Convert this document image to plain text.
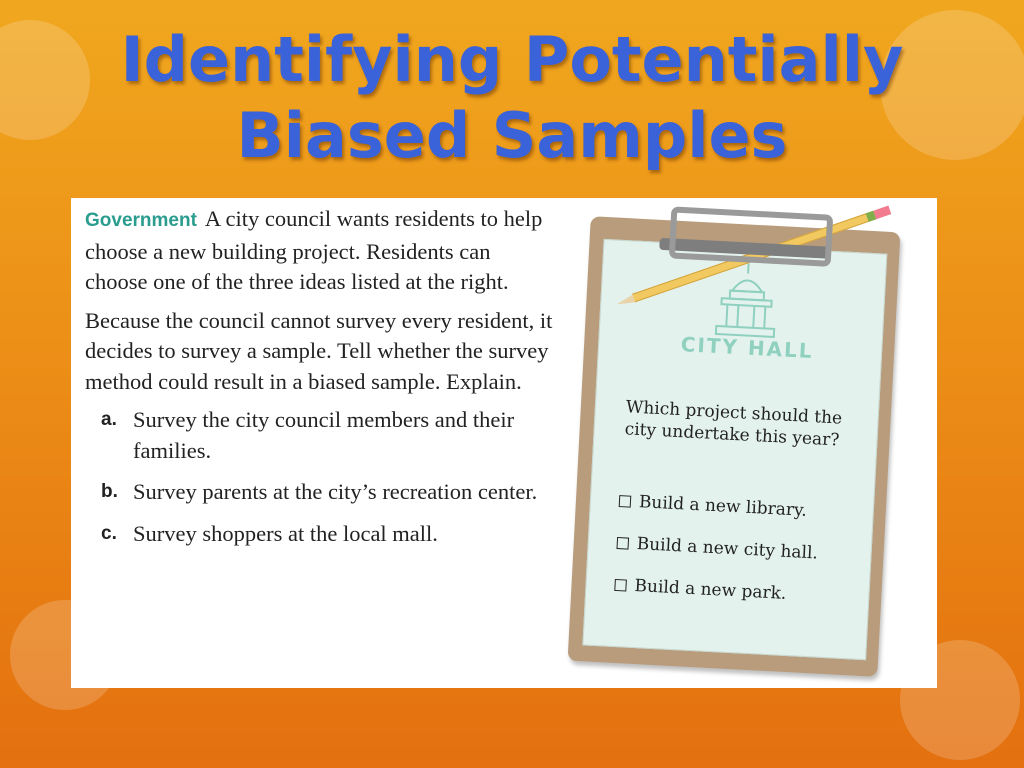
Identifying Potentially
Biased Samples

Government A city council wants residents to help choose a new building project. Residents can choose one of the three ideas listed at the right.

Because the council cannot survey every resident, it decides to survey a sample. Tell whether the survey method could result in a biased sample. Explain.

a. Survey the city council members and their families.
b. Survey parents at the city’s recreation center.
c. Survey shoppers at the local mall.
CITY HALL
Which project should the city undertake this year?
Build a new library.
Build a new city hall.
Build a new park.
